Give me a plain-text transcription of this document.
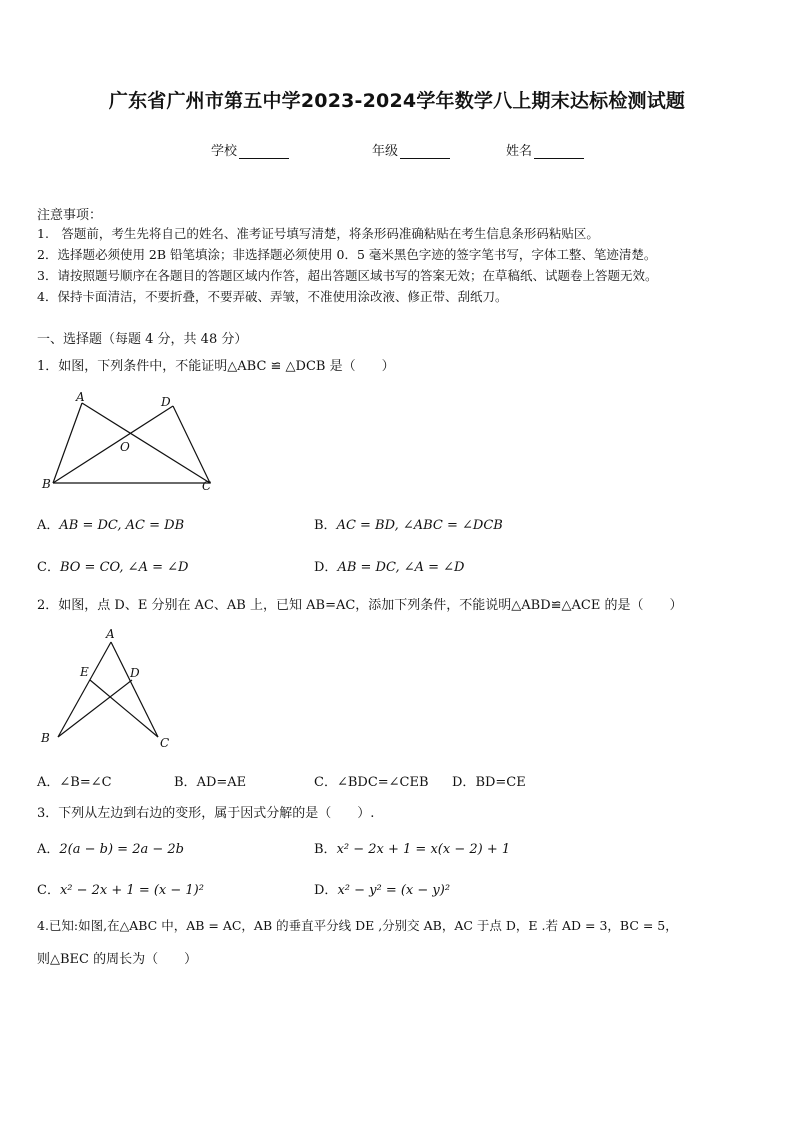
广东省广州市第五中学2023-2024学年数学八上期末达标检测试题
学校	年级	姓名
注意事项：
1.　答题前，考生先将自己的姓名、准考证号填写清楚，将条形码准确粘贴在考生信息条形码粘贴区。
2．选择题必须使用 2B 铅笔填涂；非选择题必须使用 0．5 毫米黑色字迹的签字笔书写，字体工整、笔迹清楚。
3．请按照题号顺序在各题目的答题区域内作答，超出答题区域书写的答案无效；在草稿纸、试题卷上答题无效。
4．保持卡面清洁，不要折叠，不要弄破、弄皱，不准使用涂改液、修正带、刮纸刀。
一、选择题（每题 4 分，共 48 分）
1．如图，下列条件中，不能证明△ABC ≌ △DCB 是（　　）
A	D
O
B	C
A．AB = DC, AC = DB	B．AC = BD, ∠ABC = ∠DCB
C．BO = CO, ∠A = ∠D	D．AB = DC, ∠A = ∠D
2．如图，点 D、E 分别在 AC、AB 上，已知 AB=AC，添加下列条件，不能说明△ABD≌△ACE 的是（　　）
A
E	D
B	C
A．∠B=∠C	B．AD=AE	C．∠BDC=∠CEB D．BD=CE
3．下列从左边到右边的变形，属于因式分解的是（　　）.
A．2(a − b) = 2a − 2b	B．x² − 2x + 1 = x(x − 2) + 1
C．x² − 2x + 1 = (x − 1)²	D．x² − y² = (x − y)²
4.已知:如图,在△ABC 中，AB = AC，AB 的垂直平分线 DE ,分别交 AB，AC 于点 D，E .若 AD = 3，BC = 5，
则△BEC 的周长为（　　）
